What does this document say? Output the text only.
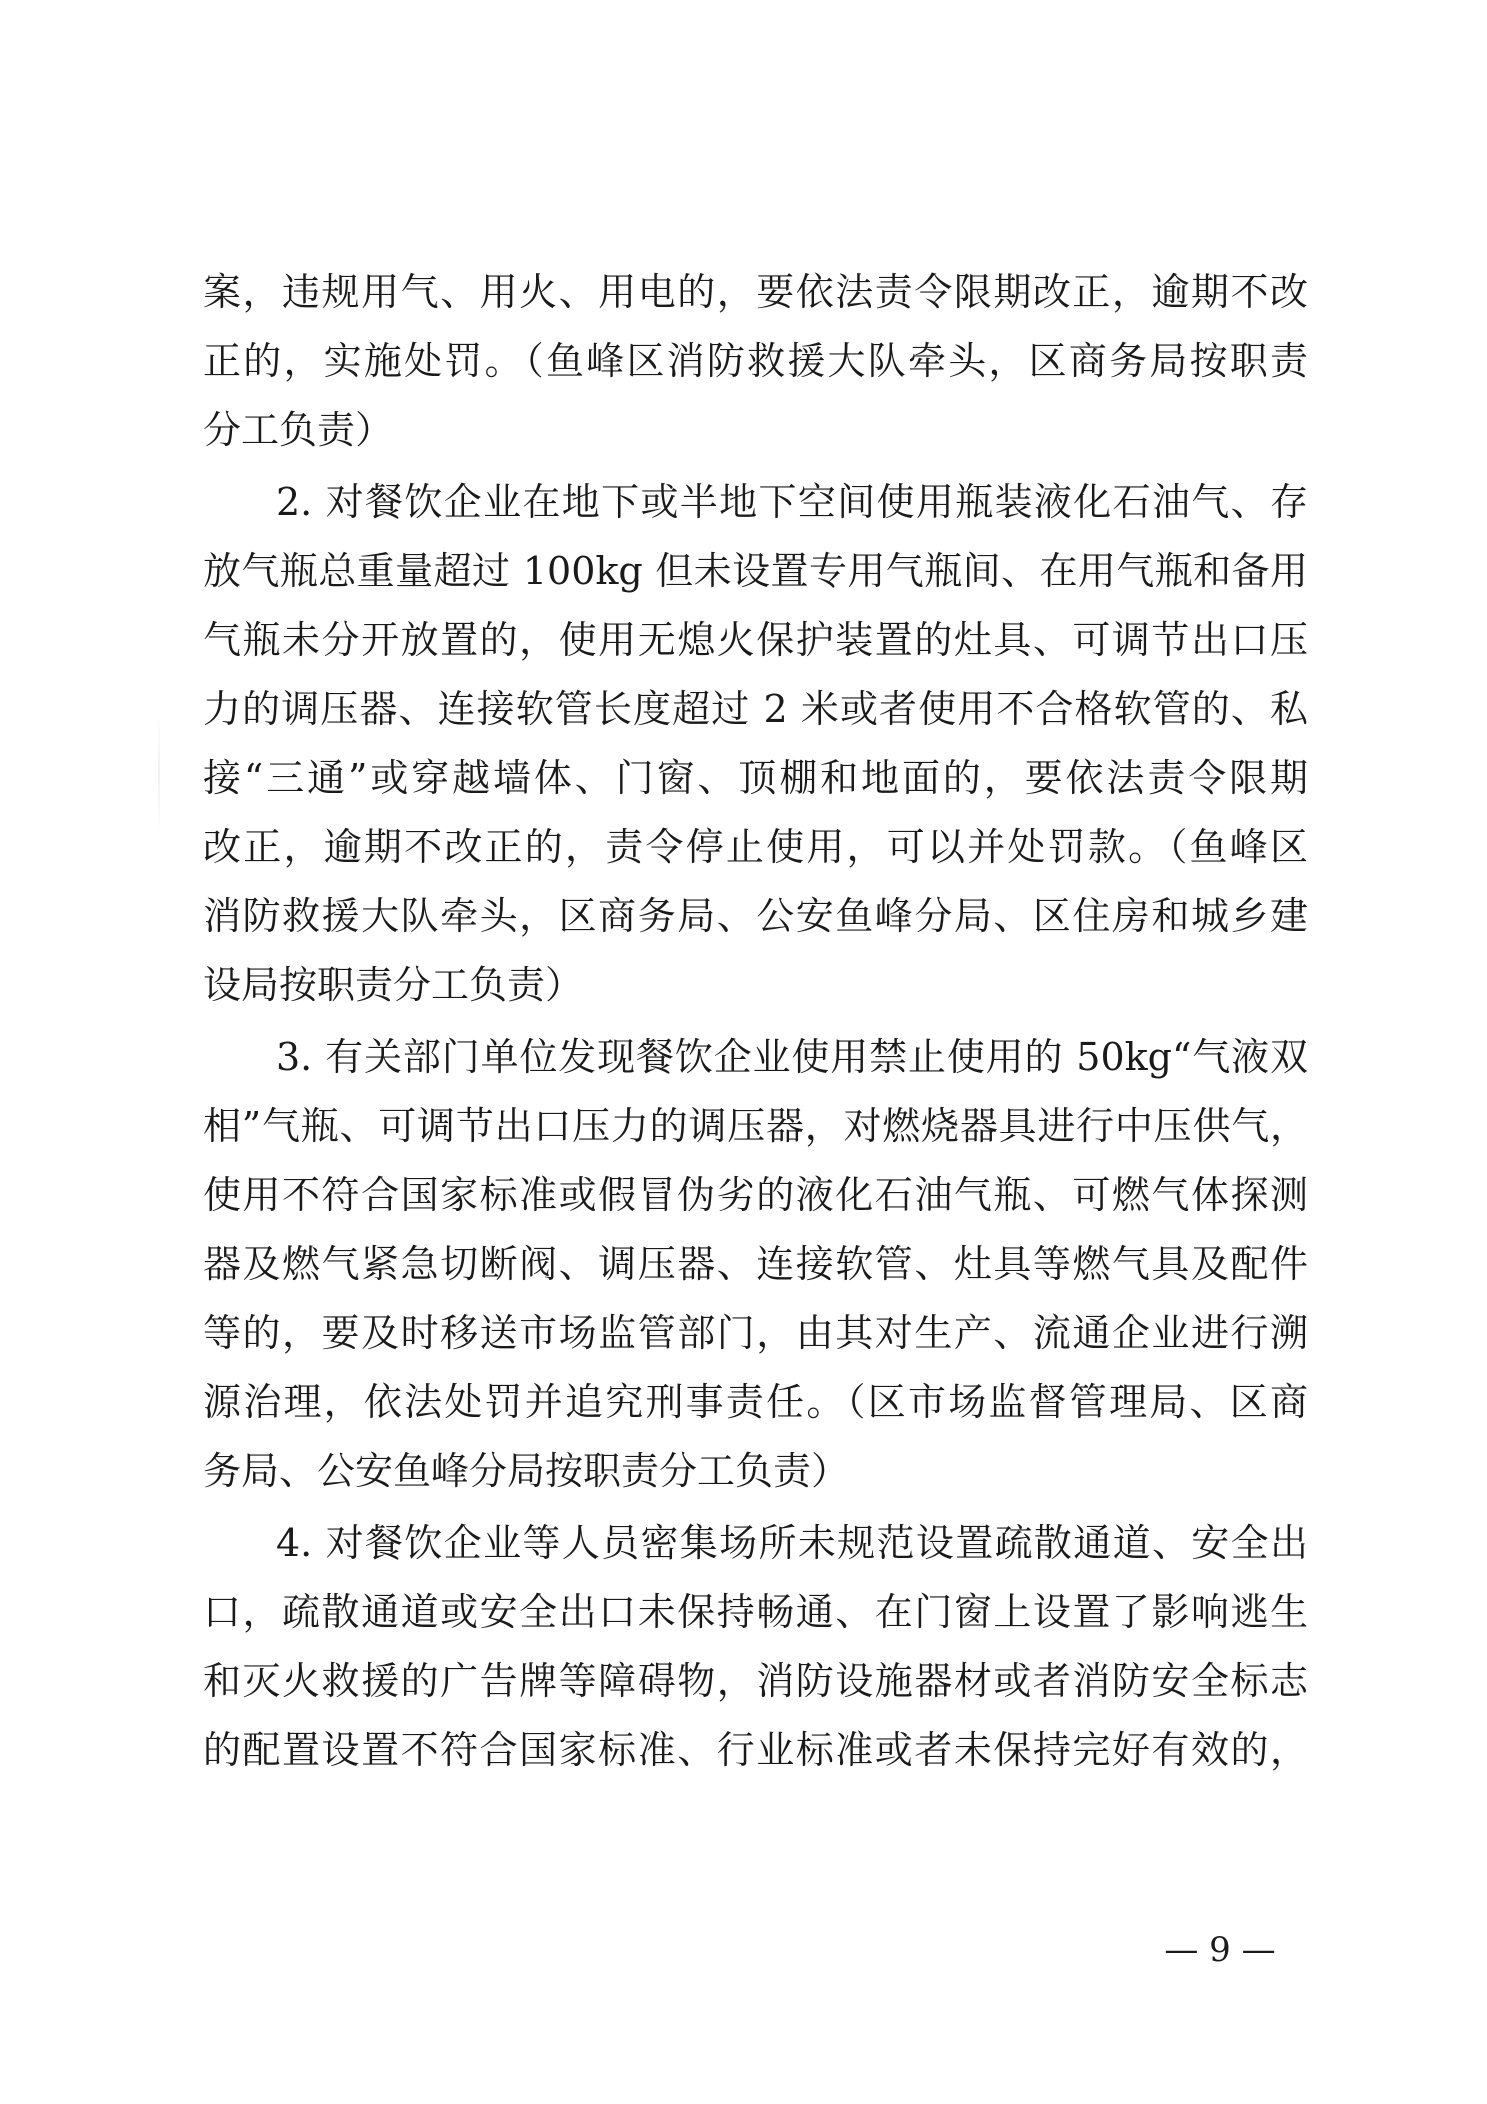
案，违规用气、用火、用电的，要依法责令限期改正，逾期不改
正的，实施处罚。（鱼峰区消防救援大队牵头，区商务局按职责
分工负责）
2. 对餐饮企业在地下或半地下空间使用瓶装液化石油气、存
放气瓶总重量超过 100kg 但未设置专用气瓶间、在用气瓶和备用
气瓶未分开放置的，使用无熄火保护装置的灶具、可调节出口压
力的调压器、连接软管长度超过 2 米或者使用不合格软管的、私
接“三通”或穿越墙体、门窗、顶棚和地面的，要依法责令限期
改正，逾期不改正的，责令停止使用，可以并处罚款。（鱼峰区
消防救援大队牵头，区商务局、公安鱼峰分局、区住房和城乡建
设局按职责分工负责）
3. 有关部门单位发现餐饮企业使用禁止使用的 50kg“气液双
相”气瓶、可调节出口压力的调压器，对燃烧器具进行中压供气，
使用不符合国家标准或假冒伪劣的液化石油气瓶、可燃气体探测
器及燃气紧急切断阀、调压器、连接软管、灶具等燃气具及配件
等的，要及时移送市场监管部门，由其对生产、流通企业进行溯
源治理，依法处罚并追究刑事责任。（区市场监督管理局、区商
务局、公安鱼峰分局按职责分工负责）
4. 对餐饮企业等人员密集场所未规范设置疏散通道、安全出
口，疏散通道或安全出口未保持畅通、在门窗上设置了影响逃生
和灭火救援的广告牌等障碍物，消防设施器材或者消防安全标志
的配置设置不符合国家标准、行业标准或者未保持完好有效的，
— 9 —
